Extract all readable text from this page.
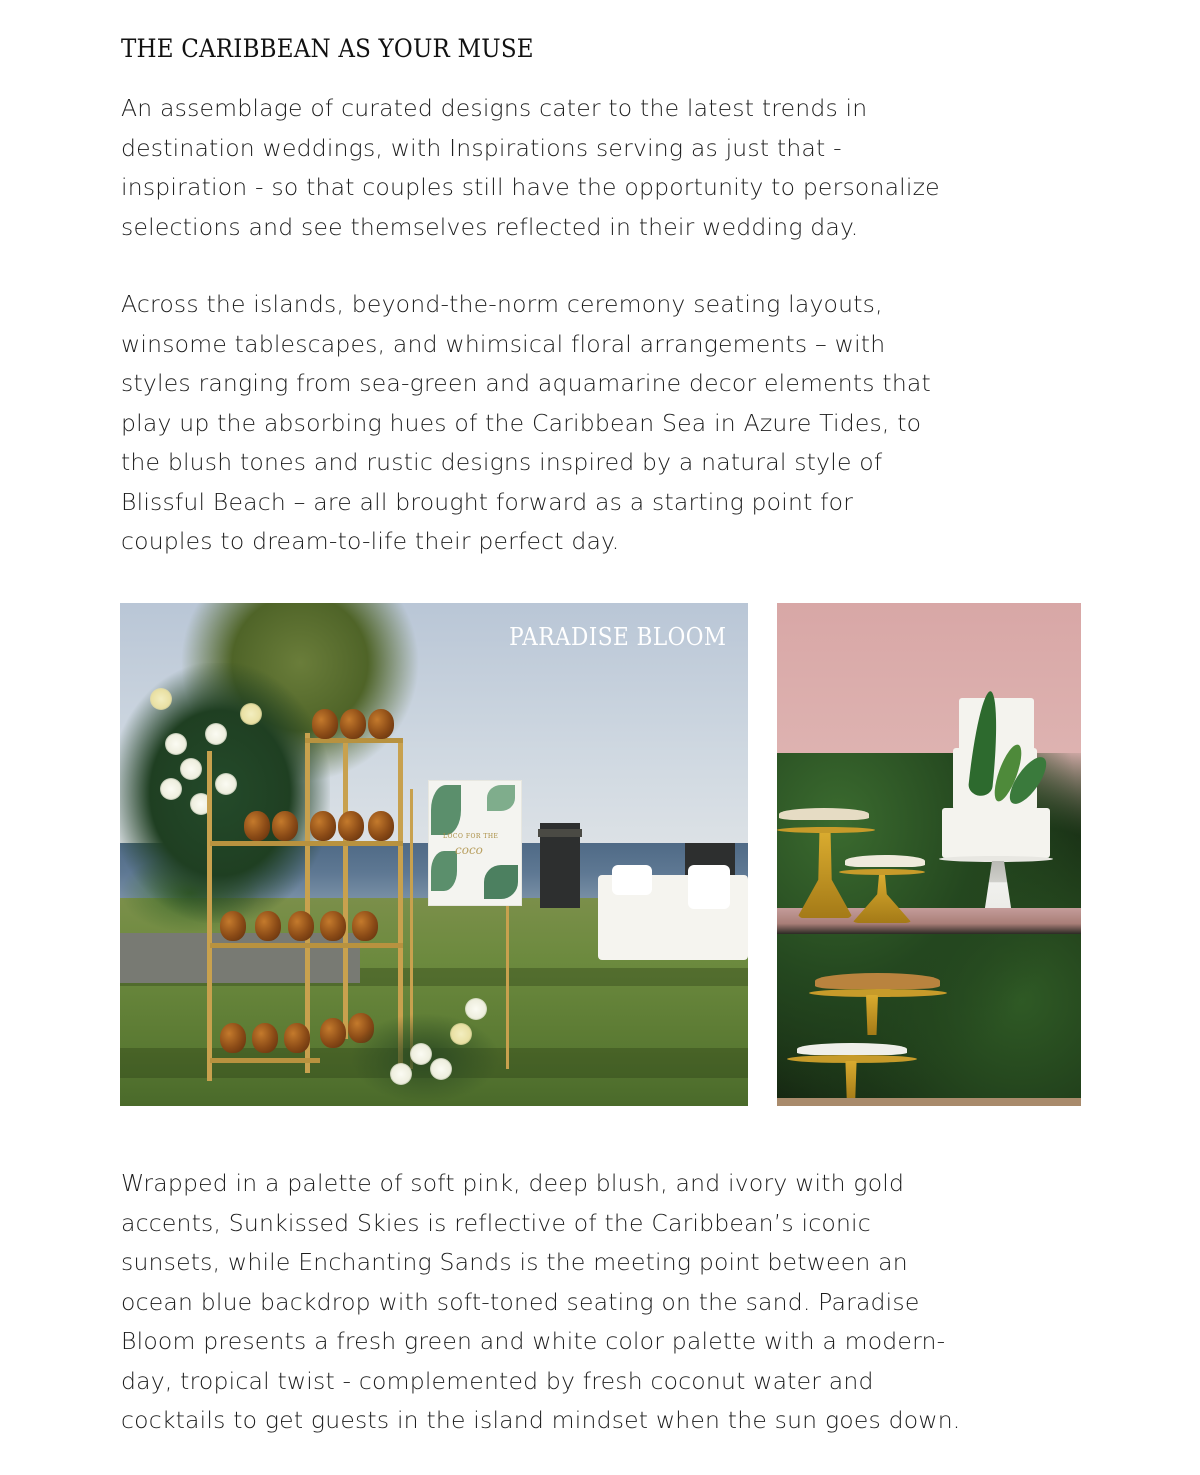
THE CARIBBEAN AS YOUR MUSE

An assemblage of curated designs cater to the latest trends in
destination weddings, with Inspirations serving as just that -
inspiration - so that couples still have the opportunity to personalize
selections and see themselves reflected in their wedding day.

Across the islands, beyond-the-norm ceremony seating layouts,
winsome tablescapes, and whimsical floral arrangements – with
styles ranging from sea-green and aquamarine decor elements that
play up the absorbing hues of the Caribbean Sea in Azure Tides, to
the blush tones and rustic designs inspired by a natural style of
Blissful Beach – are all brought forward as a starting point for
couples to dream-to-life their perfect day.

LOCO FOR THE
coco
PARADISE BLOOM

Wrapped in a palette of soft pink, deep blush, and ivory with gold
accents, Sunkissed Skies is reflective of the Caribbean’s iconic
sunsets, while Enchanting Sands is the meeting point between an
ocean blue backdrop with soft-toned seating on the sand. Paradise
Bloom presents a fresh green and white color palette with a modern-
day, tropical twist - complemented by fresh coconut water and
cocktails to get guests in the island mindset when the sun goes down.
